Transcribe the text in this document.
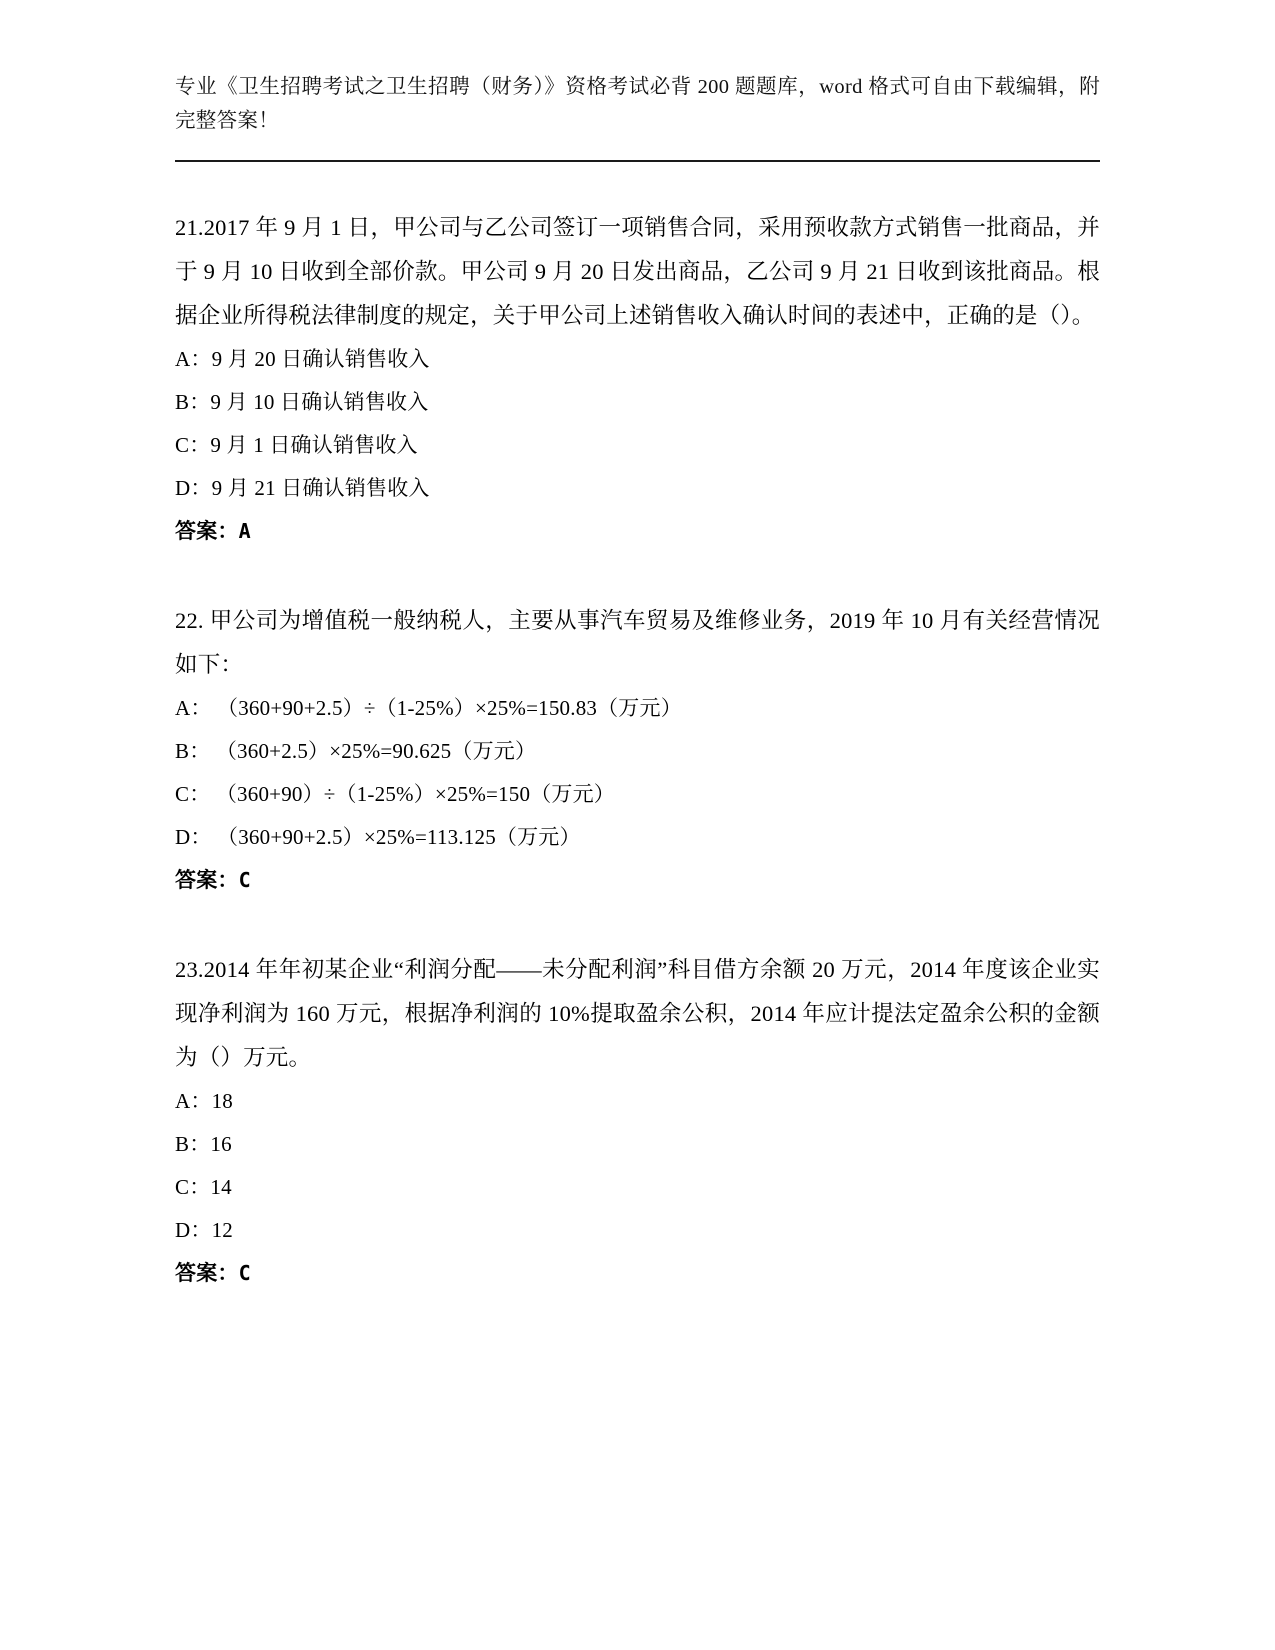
专业《卫生招聘考试之卫生招聘（财务）》资格考试必背 200 题题库，word 格式可自由下载编辑，附完整答案！
21.2017 年 9 月 1 日，甲公司与乙公司签订一项销售合同，采用预收款方式销售一批商品，并于 9 月 10 日收到全部价款。甲公司 9 月 20 日发出商品，乙公司 9 月 21 日收到该批商品。根据企业所得税法律制度的规定，关于甲公司上述销售收入确认时间的表述中，正确的是（）。
A：9 月 20 日确认销售收入
B：9 月 10 日确认销售收入
C：9 月 1 日确认销售收入
D：9 月 21 日确认销售收入
答案：A
22. 甲公司为增值税一般纳税人，主要从事汽车贸易及维修业务，2019 年 10 月有关经营情况如下：
A： （360+90+2.5）÷（1-25%）×25%=150.83（万元）
B： （360+2.5）×25%=90.625（万元）
C： （360+90）÷（1-25%）×25%=150（万元）
D： （360+90+2.5）×25%=113.125（万元）
答案：C
23.2014 年年初某企业“利润分配——未分配利润”科目借方余额 20 万元，2014 年度该企业实现净利润为 160 万元，根据净利润的 10%提取盈余公积，2014 年应计提法定盈余公积的金额为（）万元。
A：18
B：16
C：14
D：12
答案：C
